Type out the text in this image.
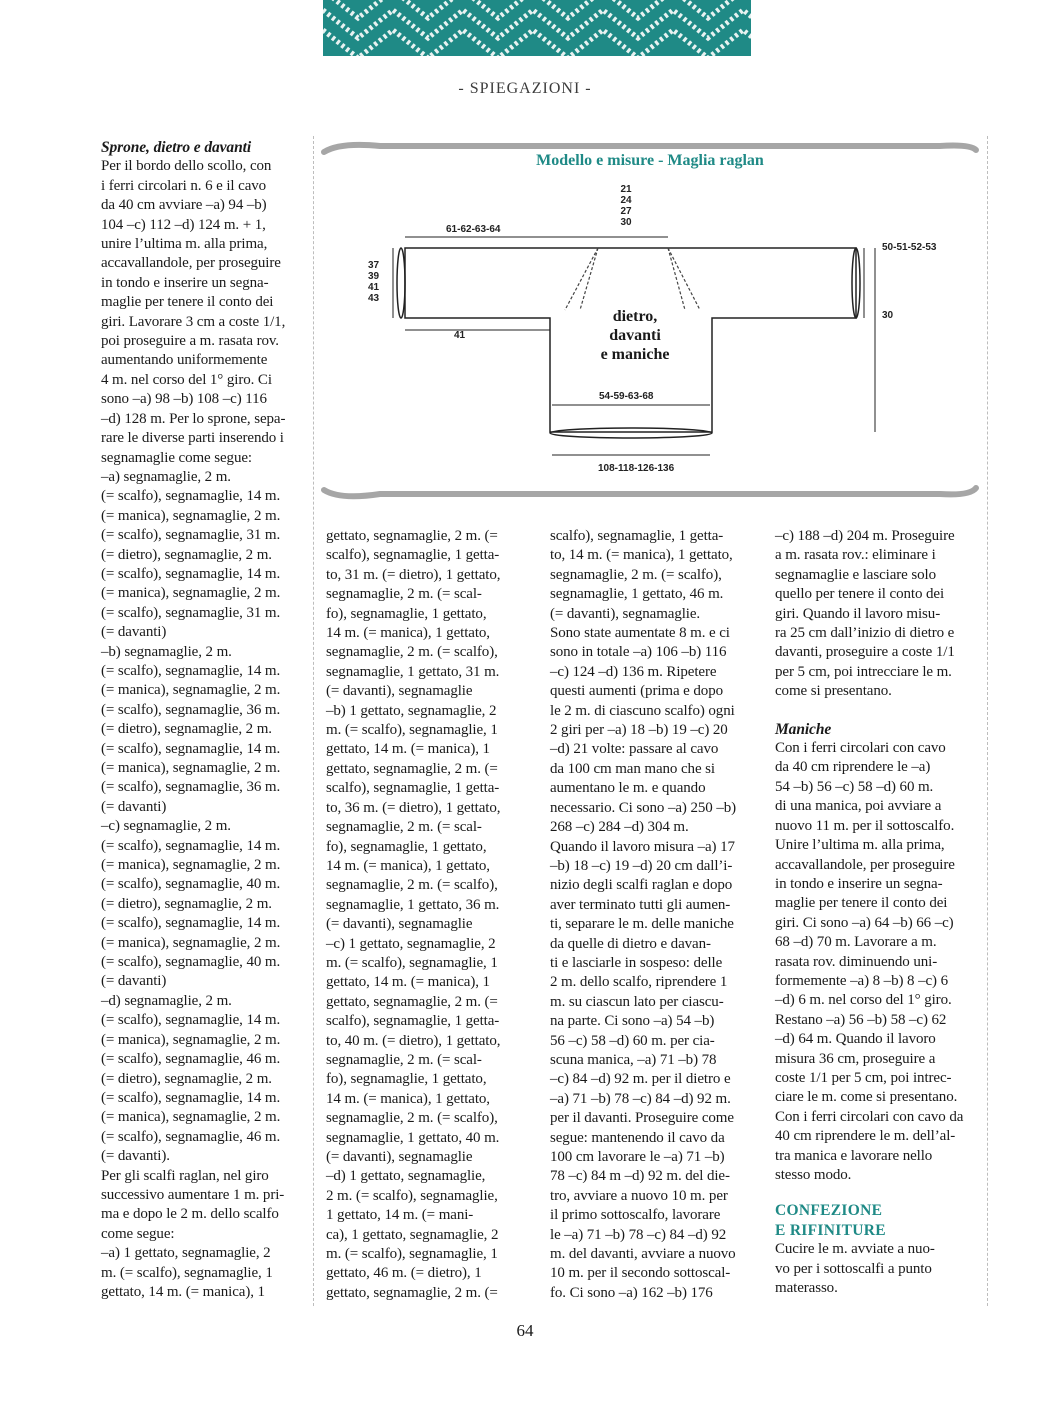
- SPIEGAZIONI -
Sprone, dietro e davanti
Per il bordo dello scollo, con
i ferri circolari n. 6 e il cavo
da 40 cm avviare –a) 94 –b)
104 –c) 112 –d) 124 m. + 1,
unire l’ultima m. alla prima,
accavallandole, per proseguire
in tondo e inserire un segna-
maglie per tenere il conto dei
giri. Lavorare 3 cm a coste 1/1,
poi proseguire a m. rasata rov.
aumentando uniformemente
4 m. nel corso del 1° giro. Ci
sono –a) 98 –b) 108 –c) 116
–d) 128 m. Per lo sprone, sepa-
rare le diverse parti inserendo i
segnamaglie come segue:
–a) segnamaglie, 2 m.
(= scalfo), segnamaglie, 14 m.
(= manica), segnamaglie, 2 m.
(= scalfo), segnamaglie, 31 m.
(= dietro), segnamaglie, 2 m.
(= scalfo), segnamaglie, 14 m.
(= manica), segnamaglie, 2 m.
(= scalfo), segnamaglie, 31 m.
(= davanti)
–b) segnamaglie, 2 m.
(= scalfo), segnamaglie, 14 m.
(= manica), segnamaglie, 2 m.
(= scalfo), segnamaglie, 36 m.
(= dietro), segnamaglie, 2 m.
(= scalfo), segnamaglie, 14 m.
(= manica), segnamaglie, 2 m.
(= scalfo), segnamaglie, 36 m.
(= davanti)
–c) segnamaglie, 2 m.
(= scalfo), segnamaglie, 14 m.
(= manica), segnamaglie, 2 m.
(= scalfo), segnamaglie, 40 m.
(= dietro), segnamaglie, 2 m.
(= scalfo), segnamaglie, 14 m.
(= manica), segnamaglie, 2 m.
(= scalfo), segnamaglie, 40 m.
(= davanti)
–d) segnamaglie, 2 m.
(= scalfo), segnamaglie, 14 m.
(= manica), segnamaglie, 2 m.
(= scalfo), segnamaglie, 46 m.
(= dietro), segnamaglie, 2 m.
(= scalfo), segnamaglie, 14 m.
(= manica), segnamaglie, 2 m.
(= scalfo), segnamaglie, 46 m.
(= davanti).
Per gli scalfi raglan, nel giro
successivo aumentare 1 m. pri-
ma e dopo le 2 m. dello scalfo
come segue:
–a) 1 gettato, segnamaglie, 2
m. (= scalfo), segnamaglie, 1
gettato, 14 m. (= manica), 1
Modello e misure - Maglia raglan
21
24
27
30
61-62-63-64
37
39
41
43
41
50-51-52-53
30
54-59-63-68
108-118-126-136
dietro,
davanti
e maniche
gettato, segnamaglie, 2 m. (=
scalfo), segnamaglie, 1 getta-
to, 31 m. (= dietro), 1 gettato,
segnamaglie, 2 m. (= scal-
fo), segnamaglie, 1 gettato,
14 m. (= manica), 1 gettato,
segnamaglie, 2 m. (= scalfo),
segnamaglie, 1 gettato, 31 m.
(= davanti), segnamaglie
–b) 1 gettato, segnamaglie, 2
m. (= scalfo), segnamaglie, 1
gettato, 14 m. (= manica), 1
gettato, segnamaglie, 2 m. (=
scalfo), segnamaglie, 1 getta-
to, 36 m. (= dietro), 1 gettato,
segnamaglie, 2 m. (= scal-
fo), segnamaglie, 1 gettato,
14 m. (= manica), 1 gettato,
segnamaglie, 2 m. (= scalfo),
segnamaglie, 1 gettato, 36 m.
(= davanti), segnamaglie
–c) 1 gettato, segnamaglie, 2
m. (= scalfo), segnamaglie, 1
gettato, 14 m. (= manica), 1
gettato, segnamaglie, 2 m. (=
scalfo), segnamaglie, 1 getta-
to, 40 m. (= dietro), 1 gettato,
segnamaglie, 2 m. (= scal-
fo), segnamaglie, 1 gettato,
14 m. (= manica), 1 gettato,
segnamaglie, 2 m. (= scalfo),
segnamaglie, 1 gettato, 40 m.
(= davanti), segnamaglie
–d) 1 gettato, segnamaglie,
2 m. (= scalfo), segnamaglie,
1 gettato, 14 m. (= mani-
ca), 1 gettato, segnamaglie, 2
m. (= scalfo), segnamaglie, 1
gettato, 46 m. (= dietro), 1
gettato, segnamaglie, 2 m. (=
scalfo), segnamaglie, 1 getta-
to, 14 m. (= manica), 1 gettato,
segnamaglie, 2 m. (= scalfo),
segnamaglie, 1 gettato, 46 m.
(= davanti), segnamaglie.
Sono state aumentate 8 m. e ci
sono in totale –a) 106 –b) 116
–c) 124 –d) 136 m. Ripetere
questi aumenti (prima e dopo
le 2 m. di ciascuno scalfo) ogni
2 giri per –a) 18 –b) 19 –c) 20
–d) 21 volte: passare al cavo
da 100 cm man mano che si
aumentano le m. e quando
necessario. Ci sono –a) 250 –b)
268 –c) 284 –d) 304 m.
Quando il lavoro misura –a) 17
–b) 18 –c) 19 –d) 20 cm dall’i-
nizio degli scalfi raglan e dopo
aver terminato tutti gli aumen-
ti, separare le m. delle maniche
da quelle di dietro e davan-
ti e lasciarle in sospeso: delle
2 m. dello scalfo, riprendere 1
m. su ciascun lato per ciascu-
na parte. Ci sono –a) 54 –b)
56 –c) 58 –d) 60 m. per cia-
scuna manica, –a) 71 –b) 78
–c) 84 –d) 92 m. per il dietro e
–a) 71 –b) 78 –c) 84 –d) 92 m.
per il davanti. Proseguire come
segue: mantenendo il cavo da
100 cm lavorare le –a) 71 –b)
78 –c) 84 m –d) 92 m. del die-
tro, avviare a nuovo 10 m. per
il primo sottoscalfo, lavorare
le –a) 71 –b) 78 –c) 84 –d) 92
m. del davanti, avviare a nuovo
10 m. per il secondo sottoscal-
fo. Ci sono –a) 162 –b) 176
–c) 188 –d) 204 m. Proseguire
a m. rasata rov.: eliminare i
segnamaglie e lasciare solo
quello per tenere il conto dei
giri. Quando il lavoro misu-
ra 25 cm dall’inizio di dietro e
davanti, proseguire a coste 1/1
per 5 cm, poi intrecciare le m.
come si presentano.
Maniche
Con i ferri circolari con cavo
da 40 cm riprendere le –a)
54 –b) 56 –c) 58 –d) 60 m.
di una manica, poi avviare a
nuovo 11 m. per il sottoscalfo.
Unire l’ultima m. alla prima,
accavallandole, per proseguire
in tondo e inserire un segna-
maglie per tenere il conto dei
giri. Ci sono –a) 64 –b) 66 –c)
68 –d) 70 m. Lavorare a m.
rasata rov. diminuendo uni-
formemente –a) 8 –b) 8 –c) 6
–d) 6 m. nel corso del 1° giro.
Restano –a) 56 –b) 58 –c) 62
–d) 64 m. Quando il lavoro
misura 36 cm, proseguire a
coste 1/1 per 5 cm, poi intrec-
ciare le m. come si presentano.
Con i ferri circolari con cavo da
40 cm riprendere le m. dell’al-
tra manica e lavorare nello
stesso modo.
CONFEZIONE
E RIFINITURE
Cucire le m. avviate a nuo-
vo per i sottoscalfi a punto
materasso.
64
